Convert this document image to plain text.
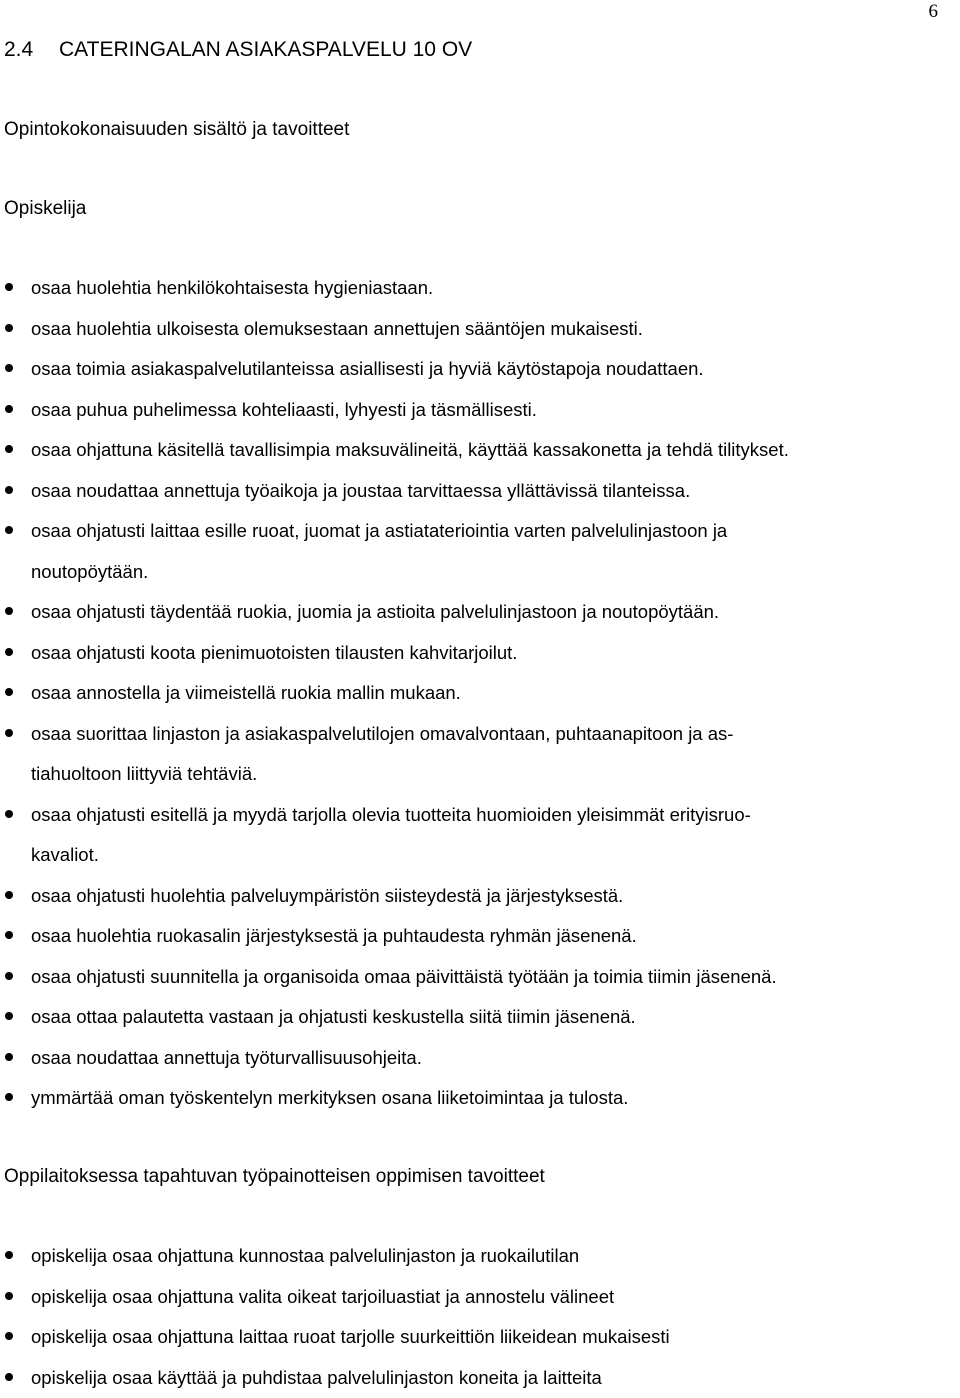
6
2.4 CATERINGALAN ASIAKASPALVELU 10 OV
Opintokokonaisuuden sisältö ja tavoitteet
Opiskelija
osaa huolehtia henkilökohtaisesta hygieniastaan.
osaa huolehtia ulkoisesta olemuksestaan annettujen sääntöjen mukaisesti.
osaa toimia asiakaspalvelutilanteissa asiallisesti ja hyviä käytöstapoja noudattaen.
osaa puhua puhelimessa kohteliaasti, lyhyesti ja täsmällisesti.
osaa ohjattuna käsitellä tavallisimpia maksuvälineitä, käyttää kassakonetta ja tehdä tilitykset.
osaa noudattaa annettuja työaikoja ja joustaa tarvittaessa yllättävissä tilanteissa.
osaa ohjatusti laittaa esille ruoat, juomat ja astiatateriointia varten palvelulinjastoon ja
noutopöytään.
osaa ohjatusti täydentää ruokia, juomia ja astioita palvelulinjastoon ja noutopöytään.
osaa ohjatusti koota pienimuotoisten tilausten kahvitarjoilut.
osaa annostella ja viimeistellä ruokia mallin mukaan.
osaa suorittaa linjaston ja asiakaspalvelutilojen omavalvontaan, puhtaanapitoon ja as-
tiahuoltoon liittyviä tehtäviä.
osaa ohjatusti esitellä ja myydä tarjolla olevia tuotteita huomioiden yleisimmät erityisruo-
kavaliot.
osaa ohjatusti huolehtia palveluympäristön siisteydestä ja järjestyksestä.
osaa huolehtia ruokasalin järjestyksestä ja puhtaudesta ryhmän jäsenenä.
osaa ohjatusti suunnitella ja organisoida omaa päivittäistä työtään ja toimia tiimin jäsenenä.
osaa ottaa palautetta vastaan ja ohjatusti keskustella siitä tiimin jäsenenä.
osaa noudattaa annettuja työturvallisuusohjeita.
ymmärtää oman työskentelyn merkityksen osana liiketoimintaa ja tulosta.
Oppilaitoksessa tapahtuvan työpainotteisen oppimisen tavoitteet
opiskelija osaa ohjattuna kunnostaa palvelulinjaston ja ruokailutilan
opiskelija osaa ohjattuna valita oikeat tarjoiluastiat ja annostelu välineet
opiskelija osaa ohjattuna laittaa ruoat tarjolle suurkeittiön liikeidean mukaisesti
opiskelija osaa käyttää ja puhdistaa palvelulinjaston koneita ja laitteita
